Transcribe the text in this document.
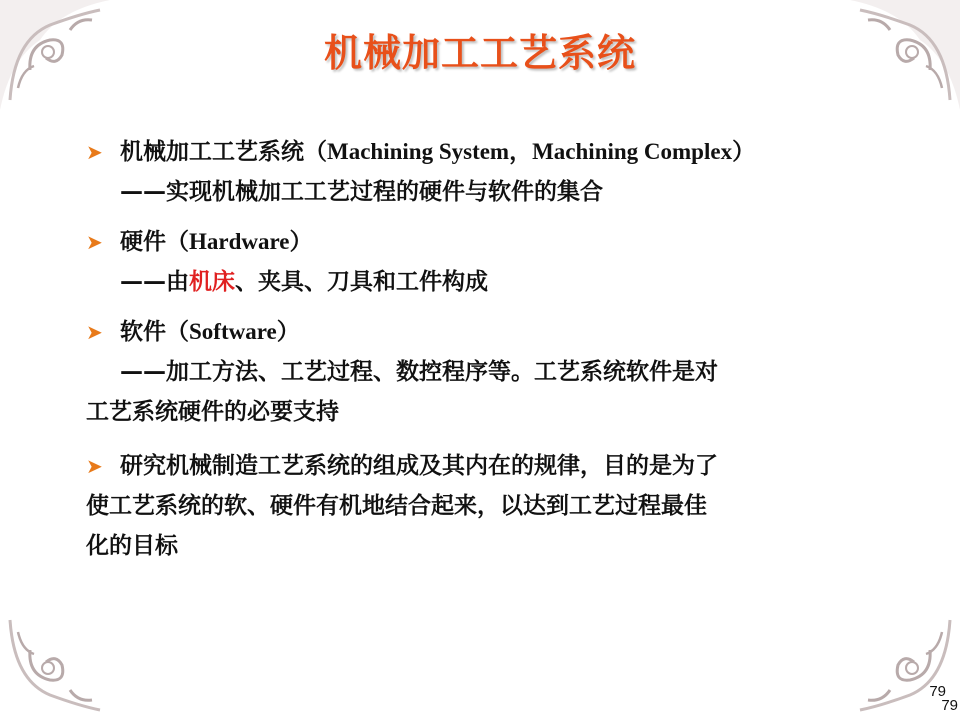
机械加工工艺系统
➤ 机械加工工艺系统（Machining System，Machining Complex）
——实现机械加工工艺过程的硬件与软件的集合
➤ 硬件（Hardware）
——由机床、夹具、刀具和工件构成
➤ 软件（Software）
——加工方法、工艺过程、数控程序等。工艺系统软件是对
工艺系统硬件的必要支持
➤ 研究机械制造工艺系统的组成及其内在的规律，目的是为了
使工艺系统的软、硬件有机地结合起来，以达到工艺过程最佳
化的目标
79
79
